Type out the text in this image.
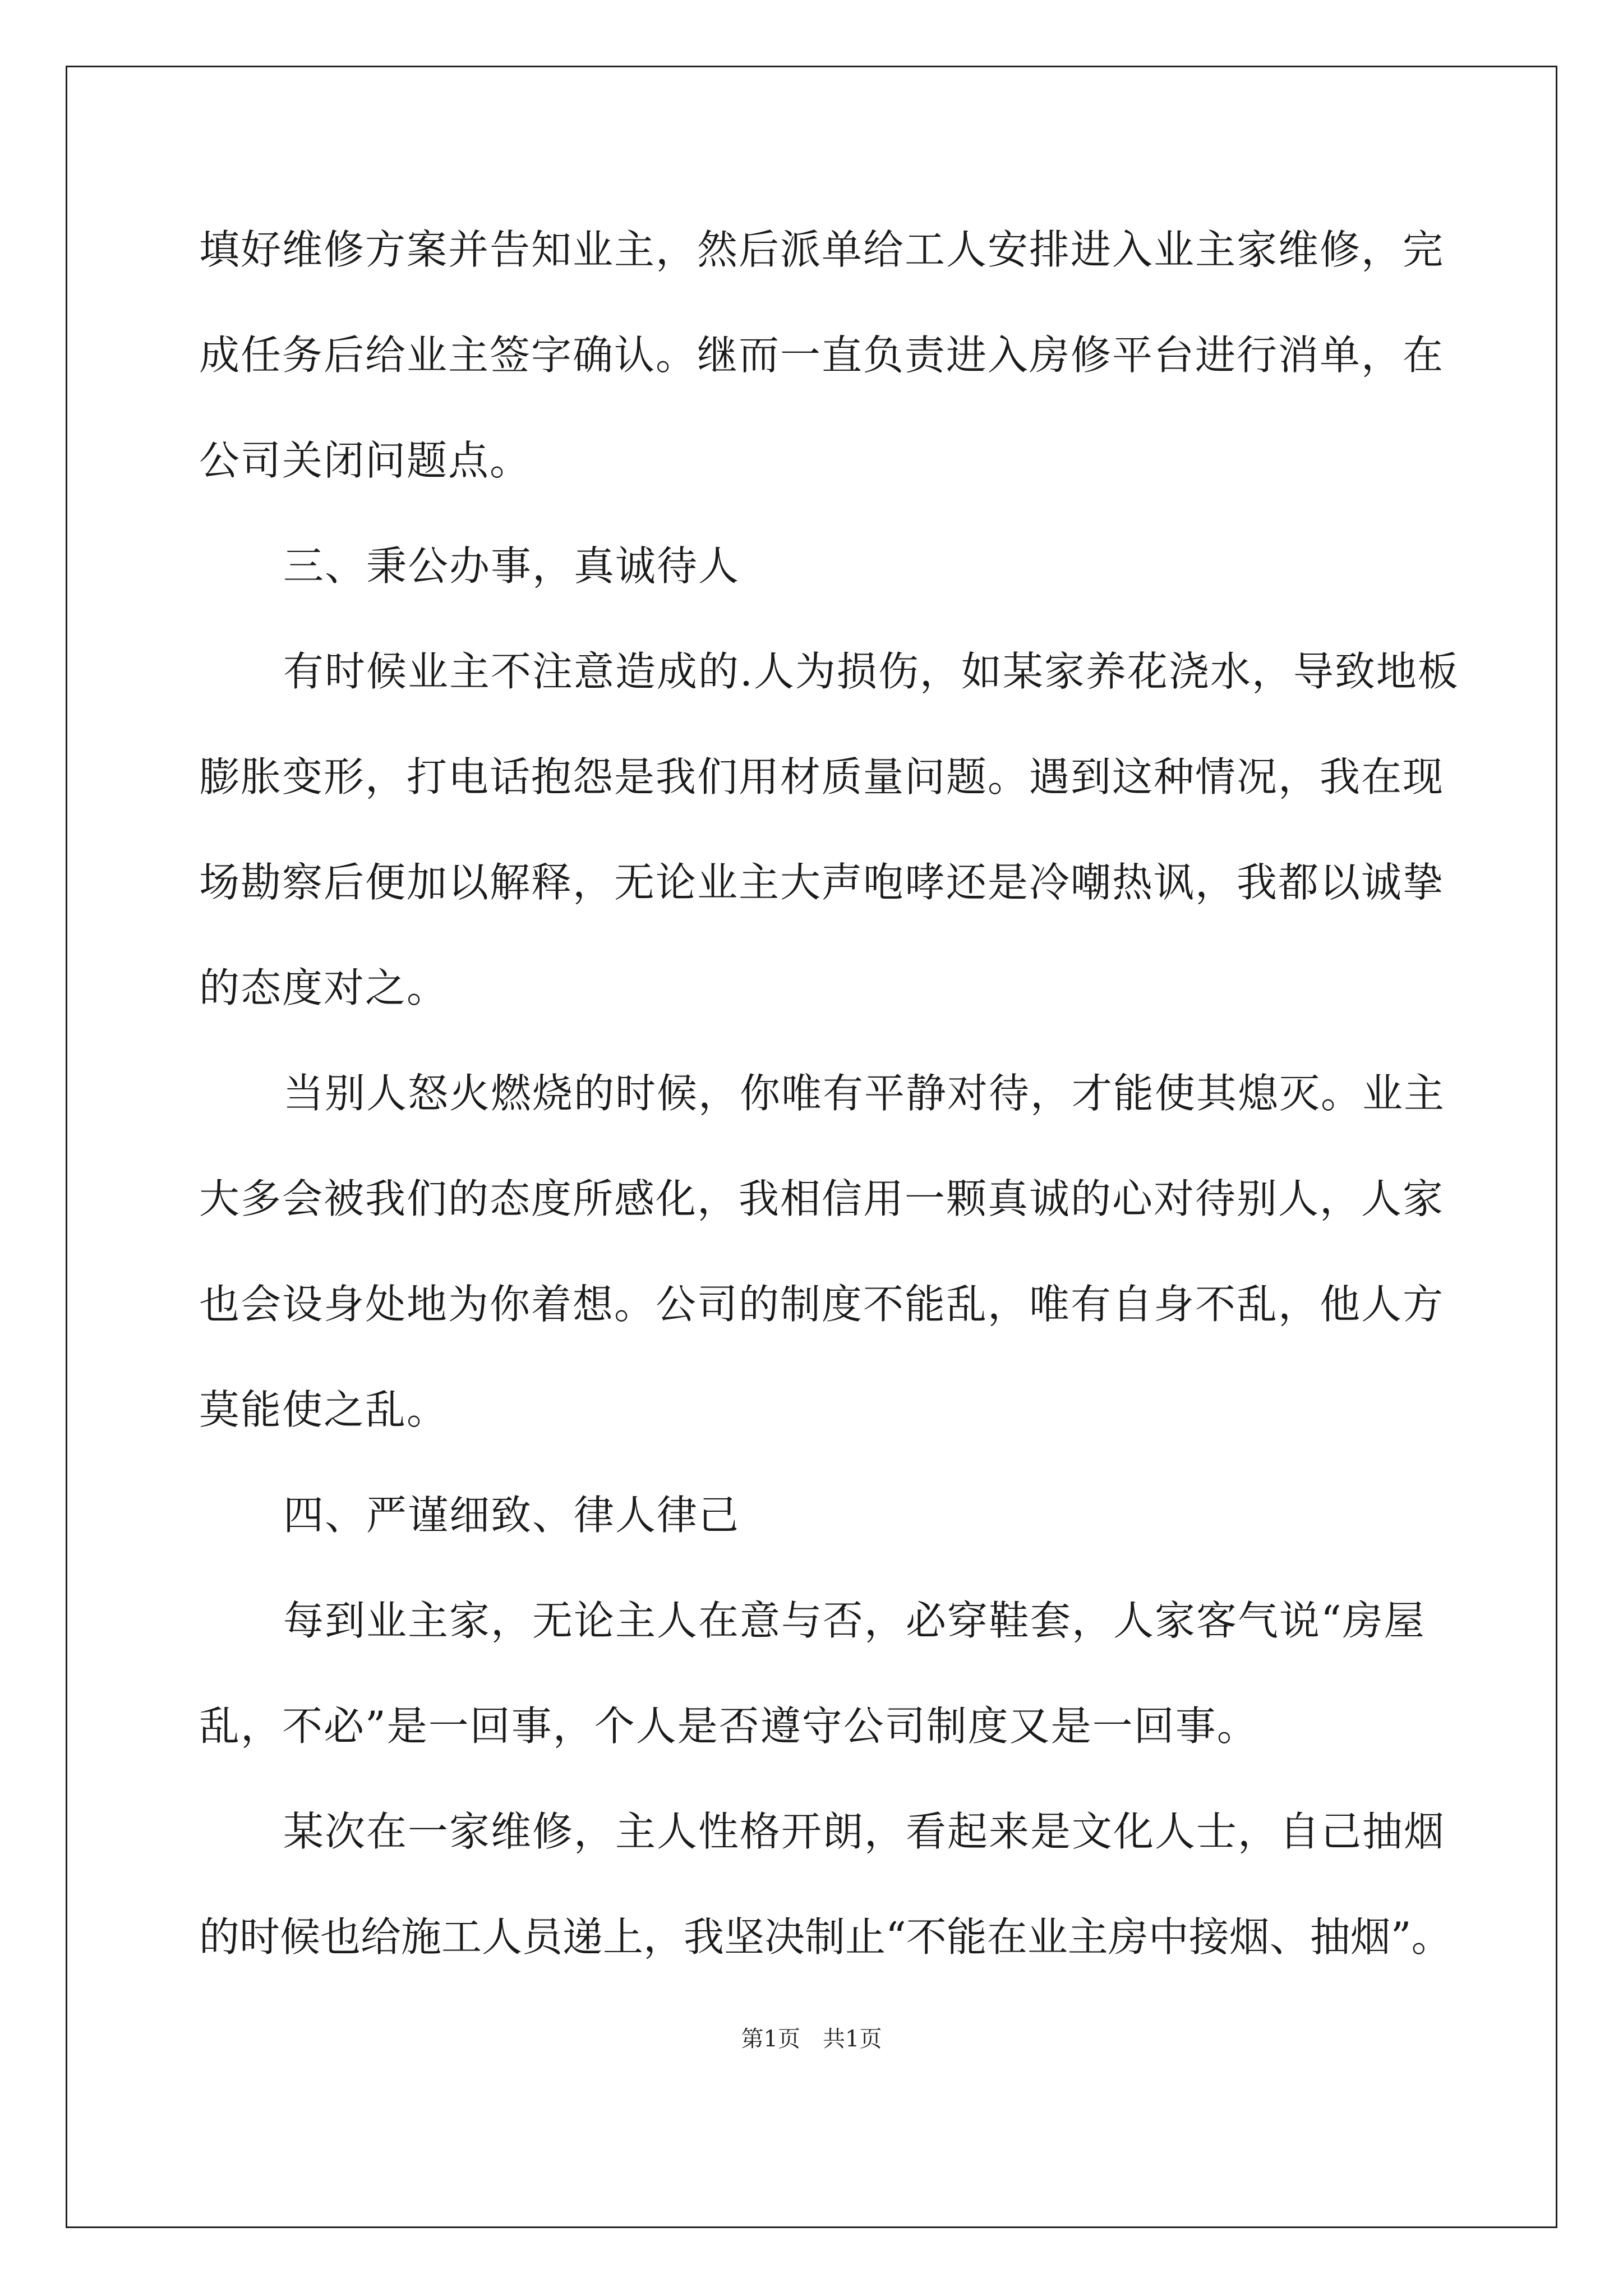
填好维修方案并告知业主，然后派单给工人安排进入业主家维修，完
成任务后给业主签字确认。继而一直负责进入房修平台进行消单，在
公司关闭问题点。
三、秉公办事，真诚待人
有时候业主不注意造成的.人为损伤，如某家养花浇水，导致地板
膨胀变形，打电话抱怨是我们用材质量问题。遇到这种情况，我在现
场勘察后便加以解释，无论业主大声咆哮还是冷嘲热讽，我都以诚挚
的态度对之。
当别人怒火燃烧的时候，你唯有平静对待，才能使其熄灭。业主
大多会被我们的态度所感化，我相信用一颗真诚的心对待别人，人家
也会设身处地为你着想。公司的制度不能乱，唯有自身不乱，他人方
莫能使之乱。
四、严谨细致、律人律己
每到业主家，无论主人在意与否，必穿鞋套，人家客气说“房屋
乱，不必”是一回事，个人是否遵守公司制度又是一回事。
某次在一家维修，主人性格开朗，看起来是文化人士，自己抽烟
的时候也给施工人员递上，我坚决制止“不能在业主房中接烟、抽烟”。
第1页　共1页
